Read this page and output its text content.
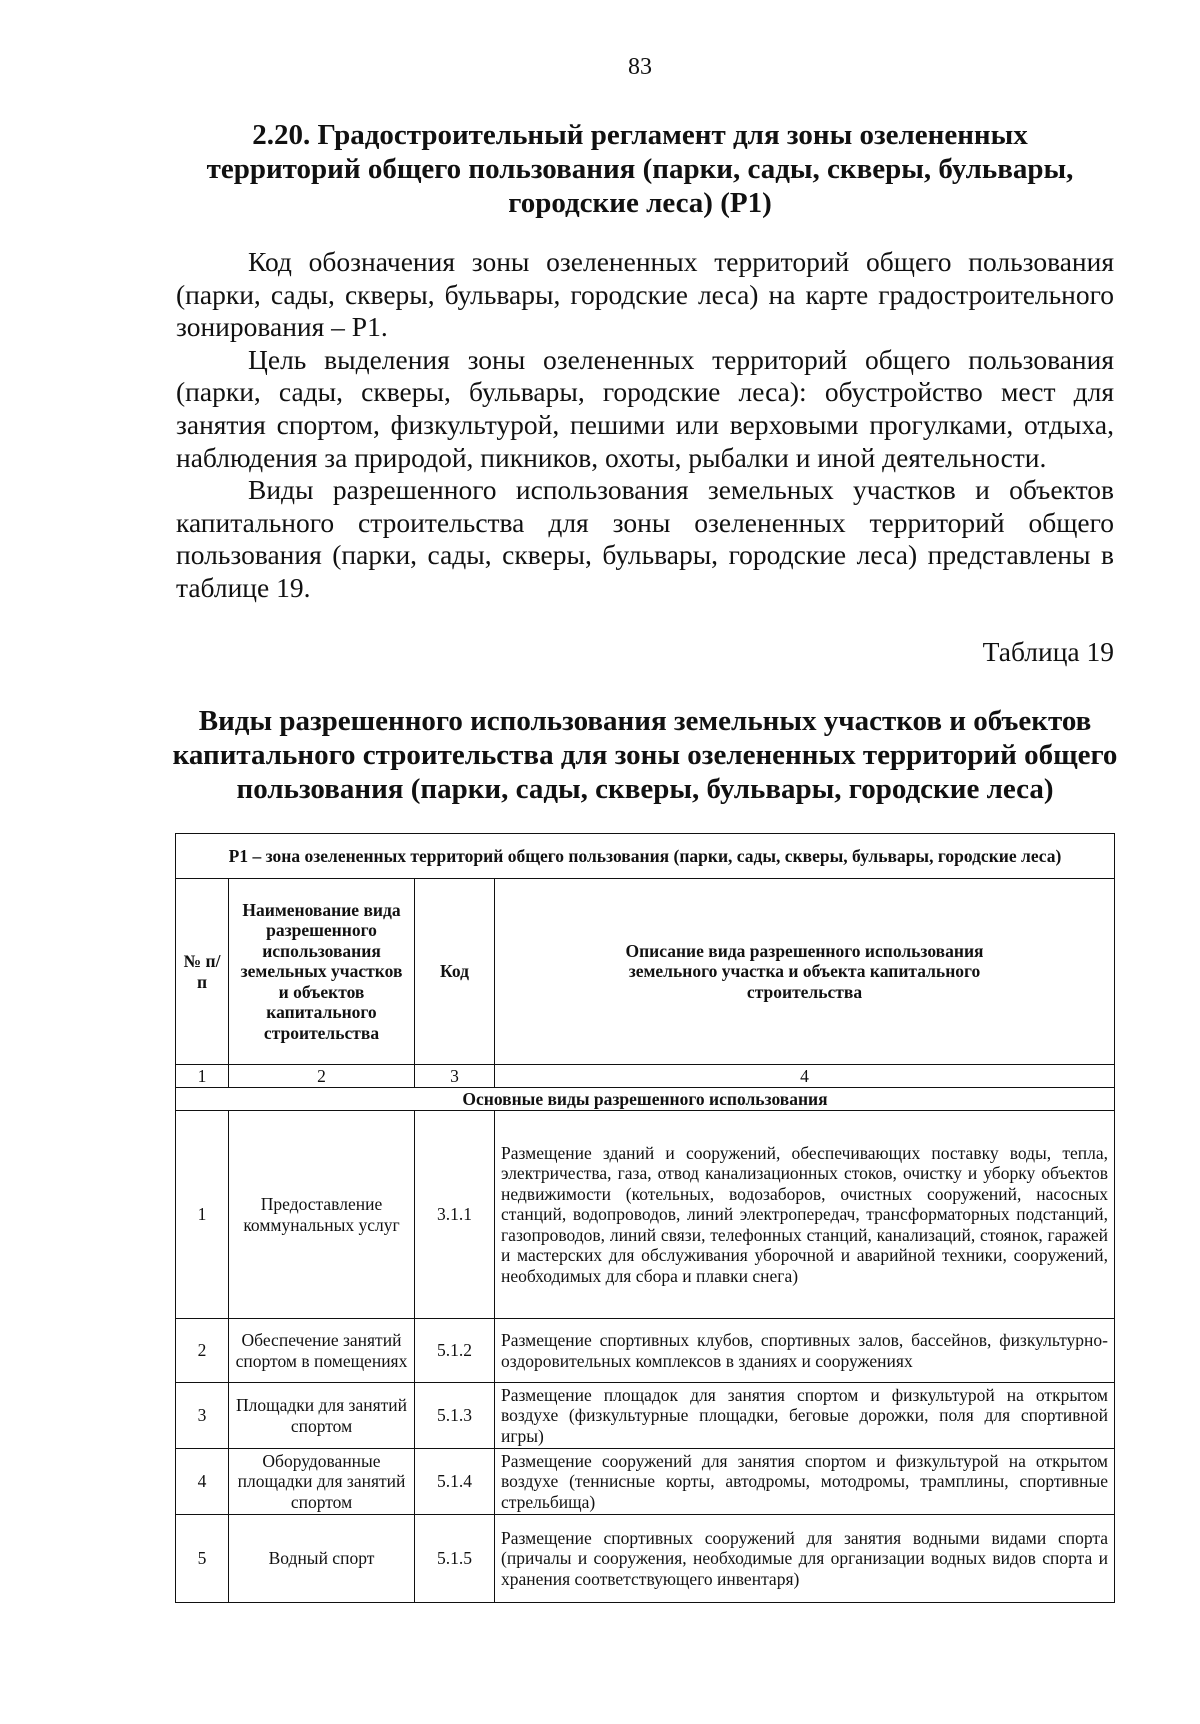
83
2.20. Градостроительный регламент для зоны озелененных территорий общего пользования (парки, сады, скверы, бульвары, городские леса) (Р1)

Код обозначения зоны озелененных территорий общего пользования (парки, сады, скверы, бульвары, городские леса) на карте градостроительного зонирования – Р1.

Цель выделения зоны озелененных территорий общего пользования (парки, сады, скверы, бульвары, городские леса): обустройство мест для занятия спортом, физкультурой, пешими или верховыми прогулками, отдыха, наблюдения за природой, пикников, охоты, рыбалки и иной деятельности.

Виды разрешенного использования земельных участков и объектов капитального строительства для зоны озелененных территорий общего пользования (парки, сады, скверы, бульвары, городские леса) представлены в таблице 19.

Таблица 19
Виды разрешенного использования земельных участков и объектов капитального строительства для зоны озелененных территорий общего пользования (парки, сады, скверы, бульвары, городские леса)
Р1 – зона озелененных территорий общего пользования (парки, сады, скверы, бульвары, городские леса)			
№ п/п	Наименование вида разрешенного использования земельных участков и объектов капитального строительства	Код	Описание вида разрешенного использования земельного участка и объекта капитального строительства
1	2	3	4
Основные виды разрешенного использования			
1	Предоставление коммунальных услуг	3.1.1	Размещение зданий и сооружений, обеспечивающих поставку воды, тепла, электричества, газа, отвод канализационных стоков, очистку и уборку объектов недвижимости (котельных, водозаборов, очистных сооружений, насосных станций, водопроводов, линий электропередач, трансформаторных подстанций, газопроводов, линий связи, телефонных станций, канализаций, стоянок, гаражей и мастерских для обслуживания уборочной и аварийной техники, сооружений, необходимых для сбора и плавки снега)
2	Обеспечение занятий спортом в помещениях	5.1.2	Размещение спортивных клубов, спортивных залов, бассейнов, физкультурно-оздоровительных комплексов в зданиях и сооружениях
3	Площадки для занятий спортом	5.1.3	Размещение площадок для занятия спортом и физкультурой на открытом воздухе (физкультурные площадки, беговые дорожки, поля для спортивной игры)
4	Оборудованные площадки для занятий спортом	5.1.4	Размещение сооружений для занятия спортом и физкультурой на открытом воздухе (теннисные корты, автодромы, мотодромы, трамплины, спортивные стрельбища)
5	Водный спорт	5.1.5	Размещение спортивных сооружений для занятия водными видами спорта (причалы и сооружения, необходимые для организации водных видов спорта и хранения соответствующего инвентаря)
